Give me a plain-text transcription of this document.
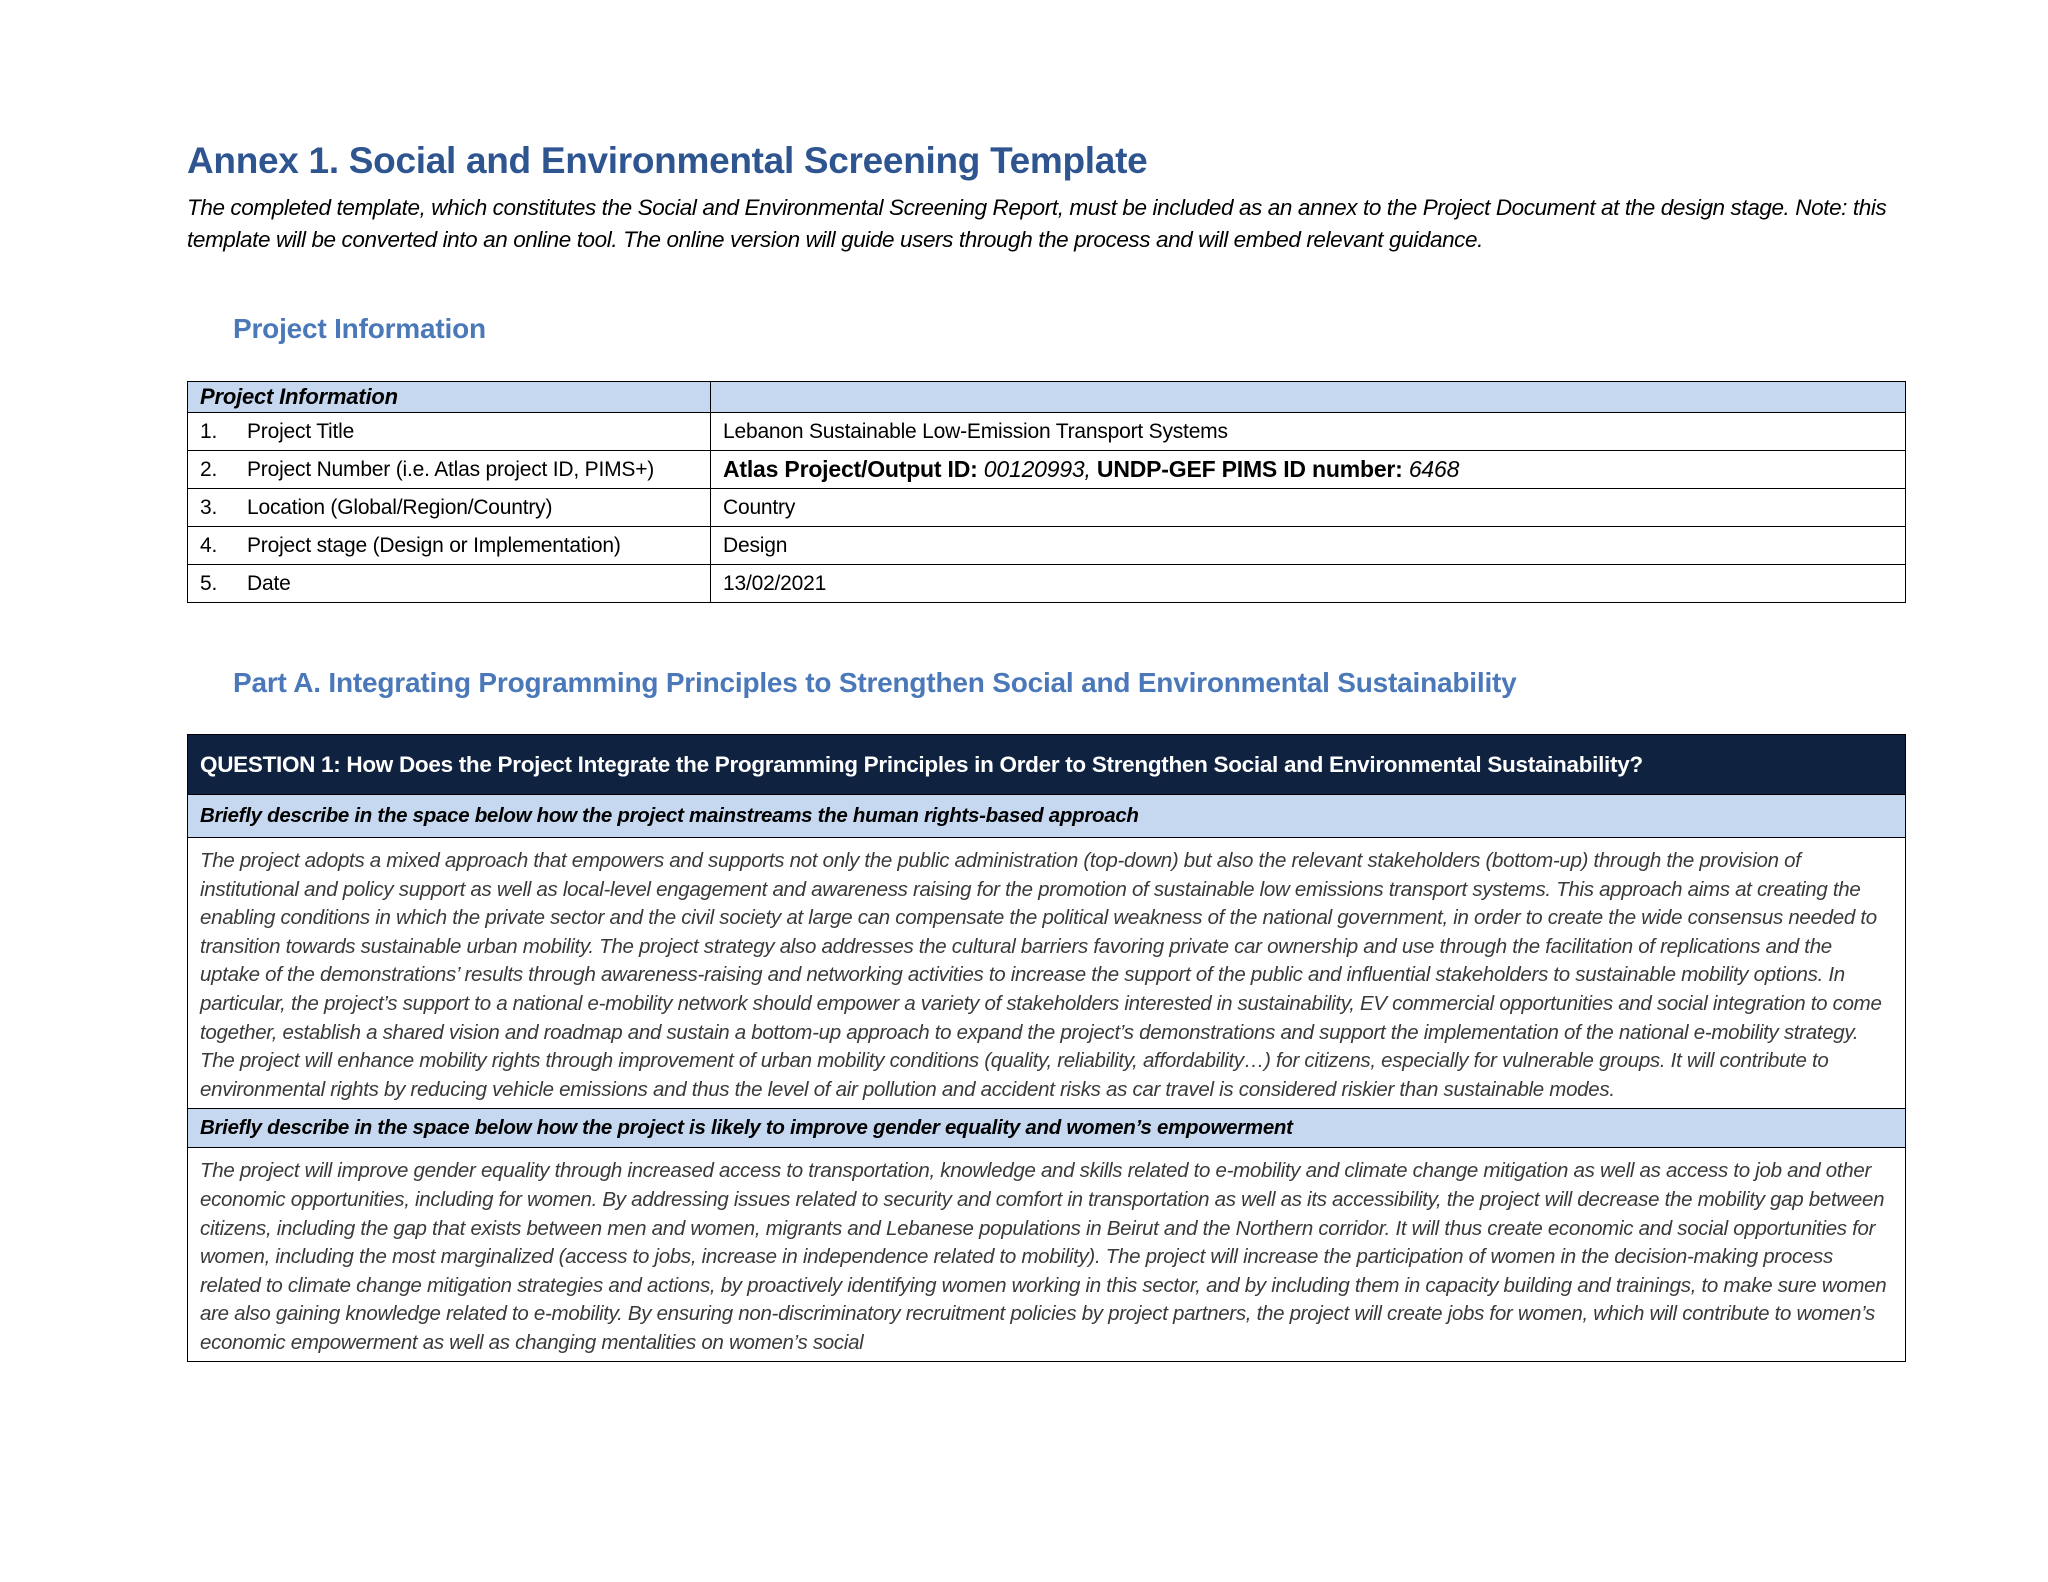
Annex 1. Social and Environmental Screening Template

The completed template, which constitutes the Social and Environmental Screening Report, must be included as an annex to the Project Document at the design stage. Note: this template will be converted into an online tool. The online version will guide users through the process and will embed relevant guidance.

Project Information
Project Information	
1. Project Title	Lebanon Sustainable Low-Emission Transport Systems
2. Project Number (i.e. Atlas project ID, PIMS+)	Atlas Project/Output ID: 00120993, UNDP-GEF PIMS ID number: 6468
3. Location (Global/Region/Country)	Country
4. Project stage (Design or Implementation)	Design
5. Date	13/02/2021
Part A. Integrating Programming Principles to Strengthen Social and Environmental Sustainability
QUESTION 1: How Does the Project Integrate the Programming Principles in Order to Strengthen Social and Environmental Sustainability?
Briefly describe in the space below how the project mainstreams the human rights-based approach
The project adopts a mixed approach that empowers and supports not only the public administration (top-down) but also the relevant stakeholders (bottom-up) through the provision of institutional and policy support as well as local-level engagement and awareness raising for the promotion of sustainable low emissions transport systems. This approach aims at creating the enabling conditions in which the private sector and the civil society at large can compensate the political weakness of the national government, in order to create the wide consensus needed to transition towards sustainable urban mobility. The project strategy also addresses the cultural barriers favoring private car ownership and use through the facilitation of replications and the uptake of the demonstrations’ results through awareness-raising and networking activities to increase the support of the public and influential stakeholders to sustainable mobility options. In particular, the project’s support to a national e-mobility network should empower a variety of stakeholders interested in sustainability, EV commercial opportunities and social integration to come together, establish a shared vision and roadmap and sustain a bottom-up approach to expand the project’s demonstrations and support the implementation of the national e-mobility strategy. The project will enhance mobility rights through improvement of urban mobility conditions (quality, reliability, affordability…) for citizens, especially for vulnerable groups. It will contribute to environmental rights by reducing vehicle emissions and thus the level of air pollution and accident risks as car travel is considered riskier than sustainable modes.
Briefly describe in the space below how the project is likely to improve gender equality and women’s empowerment

The project will improve gender equality through increased access to transportation, knowledge and skills related to e-mobility and climate change mitigation as well as access to job and other economic opportunities, including for women. By addressing issues related to security and comfort in transportation as well as its accessibility, the project will decrease the mobility gap between citizens, including the gap that exists between men and women, migrants and Lebanese populations in Beirut and the Northern corridor. It will thus create economic and social opportunities for women, including the most marginalized (access to jobs, increase in independence related to mobility). The project will increase the participation of women in the decision-making process related to climate change mitigation strategies and actions, by proactively identifying women working in this sector, and by including them in capacity building and trainings, to make sure women are also gaining knowledge related to e-mobility. By ensuring non-discriminatory recruitment policies by project partners, the project will create jobs for women, which will contribute to women’s economic empowerment as well as changing mentalities on women’s social
